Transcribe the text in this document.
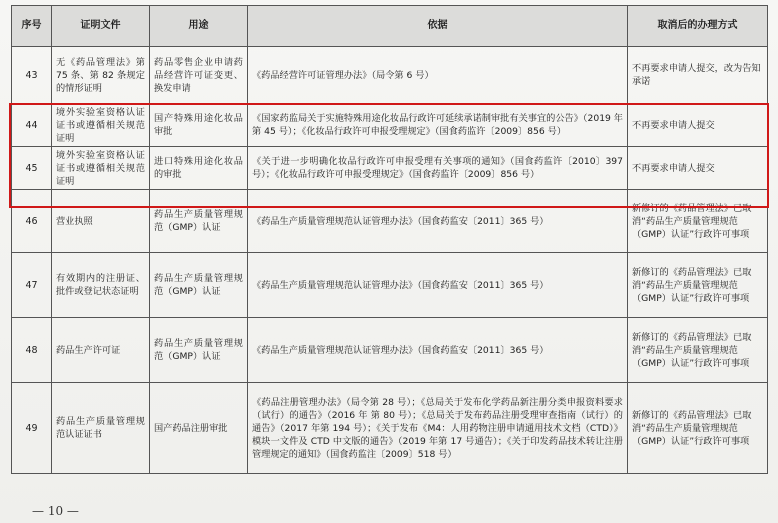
序号	证明文件	用途	依据	取消后的办理方式
43	无《药品管理法》第 75 条、第 82 条规定的情形证明	药品零售企业申请药品经营许可证变更、换发申请	《药品经营许可证管理办法》（局令第 6 号）	不再要求申请人提交，改为告知承诺
44	境外实验室资格认证证书或遵循相关规范证明	国产特殊用途化妆品审批	《国家药监局关于实施特殊用途化妆品行政许可延续承诺制审批有关事宜的公告》（2019 年 第 45 号）；《化妆品行政许可申报受理规定》（国食药监许〔2009〕856 号）	不再要求申请人提交
45	境外实验室资格认证证书或遵循相关规范证明	进口特殊用途化妆品的审批	《关于进一步明确化妆品行政许可申报受理有关事项的通知》（国食药监许〔2010〕397 号）；《化妆品行政许可申报受理规定》（国食药监许〔2009〕856 号）	不再要求申请人提交
46	营业执照	药品生产质量管理规范（GMP）认证	《药品生产质量管理规范认证管理办法》（国食药监安〔2011〕365 号）	新修订的《药品管理法》已取消“药品生产质量管理规范（GMP）认证”行政许可事项
47	有效期内的注册证、批件或登记状态证明	药品生产质量管理规范（GMP）认证	《药品生产质量管理规范认证管理办法》（国食药监安〔2011〕365 号）	新修订的《药品管理法》已取消“药品生产质量管理规范（GMP）认证”行政许可事项
48	药品生产许可证	药品生产质量管理规范（GMP）认证	《药品生产质量管理规范认证管理办法》（国食药监安〔2011〕365 号）	新修订的《药品管理法》已取消“药品生产质量管理规范（GMP）认证”行政许可事项
49	药品生产质量管理规范认证证书	国产药品注册审批	《药品注册管理办法》（局令第 28 号）；《总局关于发布化学药品新注册分类申报资料要求（试行）的通告》（2016 年 第 80 号）；《总局关于发布药品注册受理审查指南（试行）的通告》（2017 年第 194 号）；《关于发布《M4：人用药物注册申请通用技术文档（CTD）》模块一文件及 CTD 中文版的通告》（2019 年第 17 号通告）；《关于印发药品技术转让注册管理规定的通知》（国食药监注〔2009〕518 号）	新修订的《药品管理法》已取消“药品生产质量管理规范（GMP）认证”行政许可事项
— 10 —
